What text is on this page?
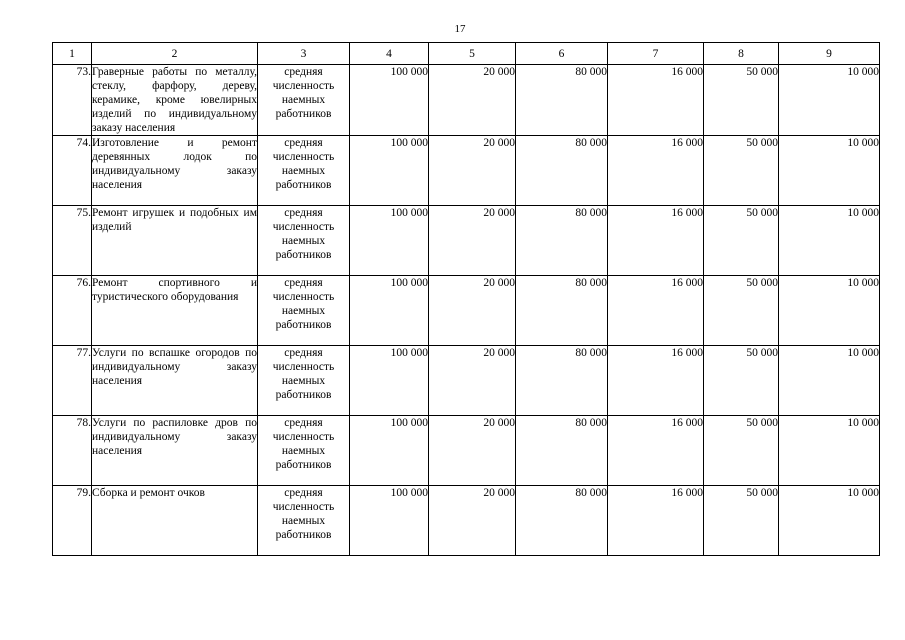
17
1	2	3	4	5	6	7	8	9
73.	Граверные работы по металлу, стеклу, фарфору, дереву, керамике, кроме ювелирных изделий по индивидуальному заказу населения	средняя численность наемных работников	100 000	20 000	80 000	16 000	50 000	10 000
74.	Изготовление и ремонт деревянных лодок по индивидуальному заказу населения	средняя численность наемных работников	100 000	20 000	80 000	16 000	50 000	10 000
75.	Ремонт игрушек и подобных им изделий	средняя численность наемных работников	100 000	20 000	80 000	16 000	50 000	10 000
76.	Ремонт спортивного и туристического оборудования	средняя численность наемных работников	100 000	20 000	80 000	16 000	50 000	10 000
77.	Услуги по вспашке огородов по индивидуальному заказу населения	средняя численность наемных работников	100 000	20 000	80 000	16 000	50 000	10 000
78.	Услуги по распиловке дров по индивидуальному заказу населения	средняя численность наемных работников	100 000	20 000	80 000	16 000	50 000	10 000
79.	Сборка и ремонт очков	средняя численность наемных работников	100 000	20 000	80 000	16 000	50 000	10 000
